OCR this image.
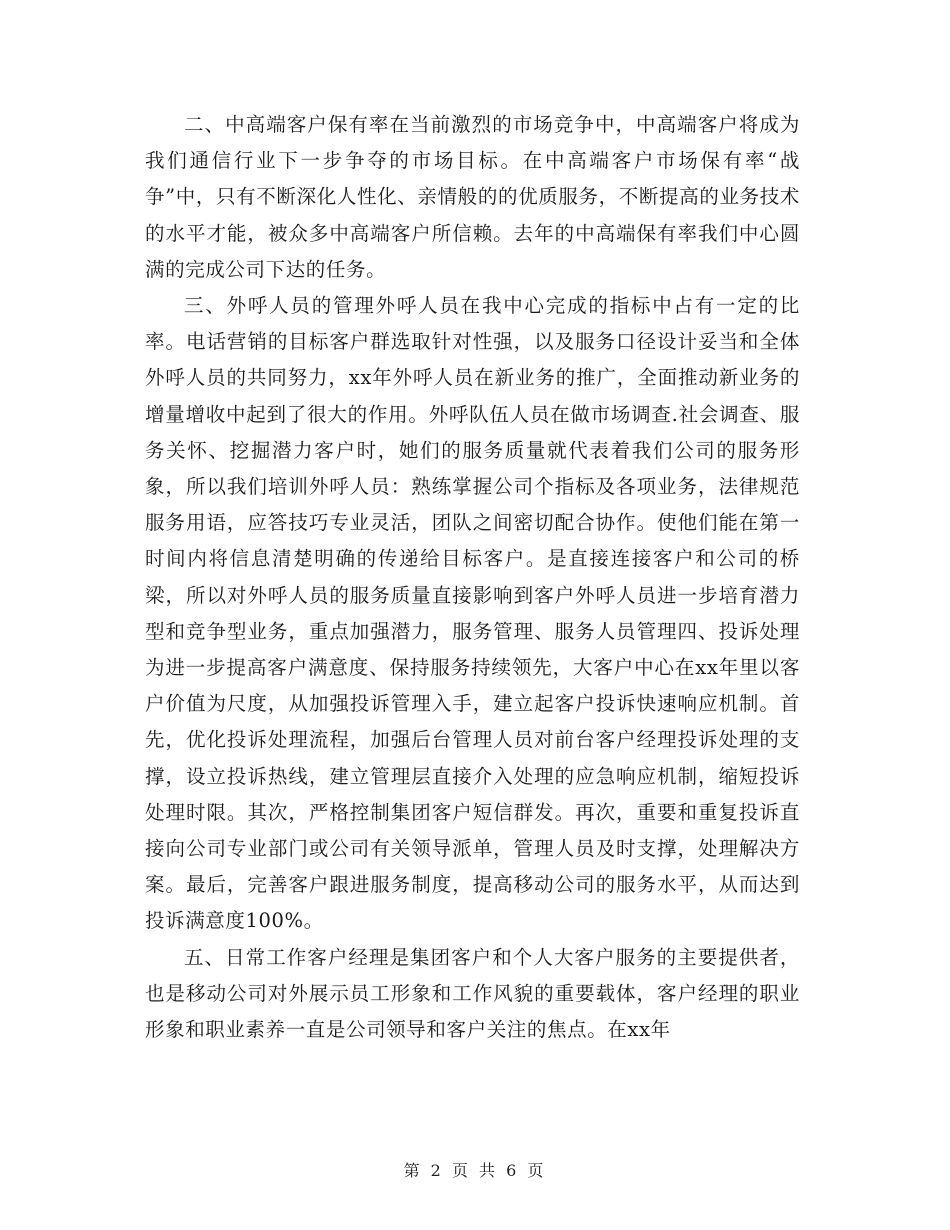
二、中高端客户保有率在当前激烈的市场竞争中，中高端客户将成为我们通信行业下一步争夺的市场目标。在中高端客户市场保有率“战争”中，只有不断深化人性化、亲情般的的优质服务，不断提高的业务技术的水平才能，被众多中高端客户所信赖。去年的中高端保有率我们中心圆满的完成公司下达的任务。

三、外呼人员的管理外呼人员在我中心完成的指标中占有一定的比率。电话营销的目标客户群选取针对性强，以及服务口径设计妥当和全体外呼人员的共同努力，xx年外呼人员在新业务的推广，全面推动新业务的增量增收中起到了很大的作用。外呼队伍人员在做市场调查.社会调查、服务关怀、挖掘潜力客户时，她们的服务质量就代表着我们公司的服务形象，所以我们培训外呼人员：熟练掌握公司个指标及各项业务，法律规范服务用语，应答技巧专业灵活，团队之间密切配合协作。使他们能在第一时间内将信息清楚明确的传递给目标客户。是直接连接客户和公司的桥梁，所以对外呼人员的服务质量直接影响到客户外呼人员进一步培育潜力型和竞争型业务，重点加强潜力，服务管理、服务人员管理四、投诉处理为进一步提高客户满意度、保持服务持续领先，大客户中心在xx年里以客户价值为尺度，从加强投诉管理入手，建立起客户投诉快速响应机制。首先，优化投诉处理流程，加强后台管理人员对前台客户经理投诉处理的支撑，设立投诉热线，建立管理层直接介入处理的应急响应机制，缩短投诉处理时限。其次，严格控制集团客户短信群发。再次，重要和重复投诉直接向公司专业部门或公司有关领导派单，管理人员及时支撑，处理解决方案。最后，完善客户跟进服务制度，提高移动公司的服务水平，从而达到投诉满意度100%。

五、日常工作客户经理是集团客户和个人大客户服务的主要提供者，也是移动公司对外展示员工形象和工作风貌的重要载体，客户经理的职业形象和职业素养一直是公司领导和客户关注的焦点。在xx年

第 2 页 共 6 页
